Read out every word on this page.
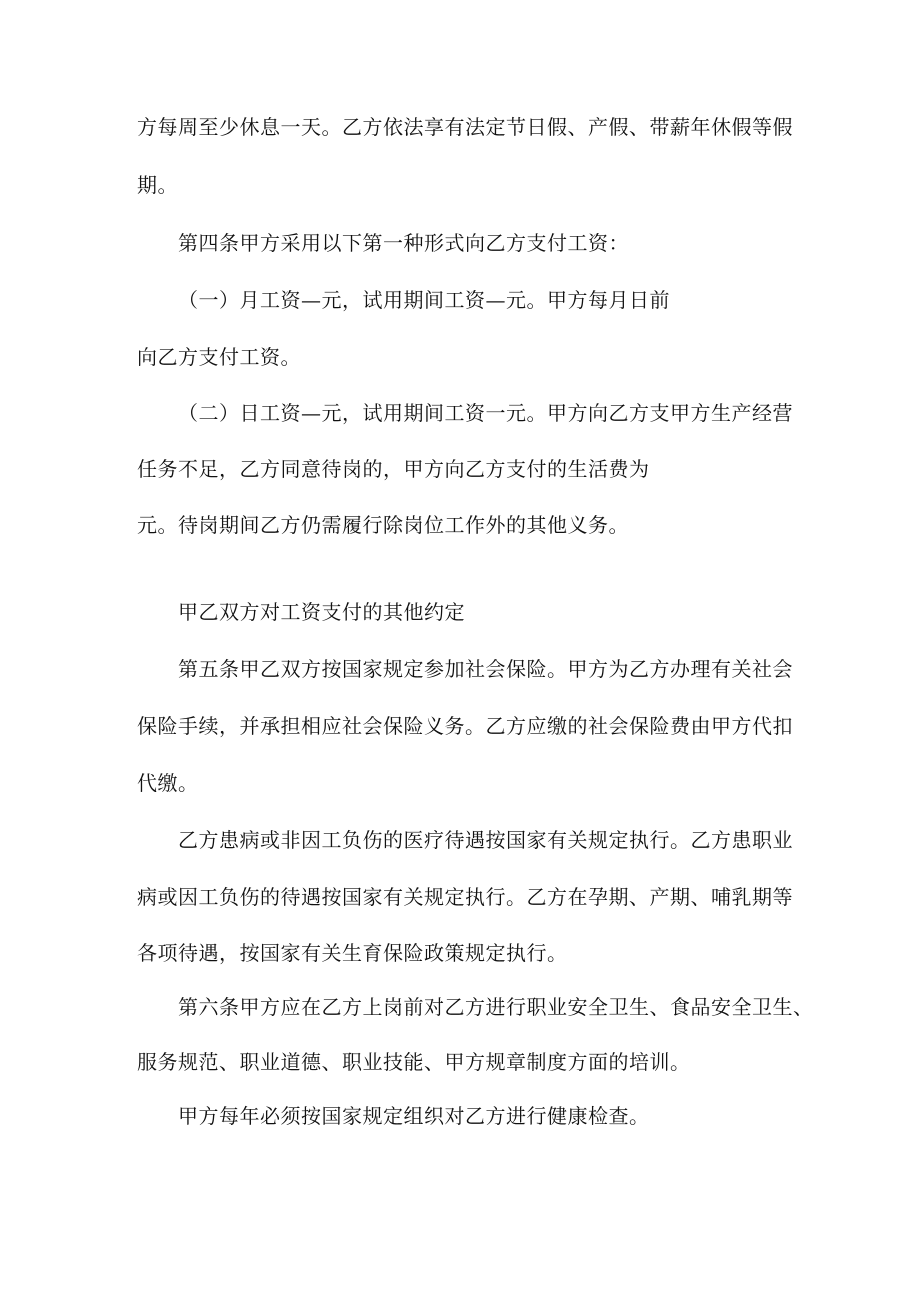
方每周至少休息一天。乙方依法享有法定节日假、产假、带薪年休假等假
期。
第四条甲方采用以下第一种形式向乙方支付工资：
（一）月工资—元，试用期间工资—元。甲方每月日前
向乙方支付工资。
（二）日工资—元，试用期间工资一元。甲方向乙方支甲方生产经营
任务不足，乙方同意待岗的，甲方向乙方支付的生活费为
元。待岗期间乙方仍需履行除岗位工作外的其他义务。
甲乙双方对工资支付的其他约定
第五条甲乙双方按国家规定参加社会保险。甲方为乙方办理有关社会
保险手续，并承担相应社会保险义务。乙方应缴的社会保险费由甲方代扣
代缴。
乙方患病或非因工负伤的医疗待遇按国家有关规定执行。乙方患职业
病或因工负伤的待遇按国家有关规定执行。乙方在孕期、产期、哺乳期等
各项待遇，按国家有关生育保险政策规定执行。
第六条甲方应在乙方上岗前对乙方进行职业安全卫生、食品安全卫生、
服务规范、职业道德、职业技能、甲方规章制度方面的培训。
甲方每年必须按国家规定组织对乙方进行健康检查。
